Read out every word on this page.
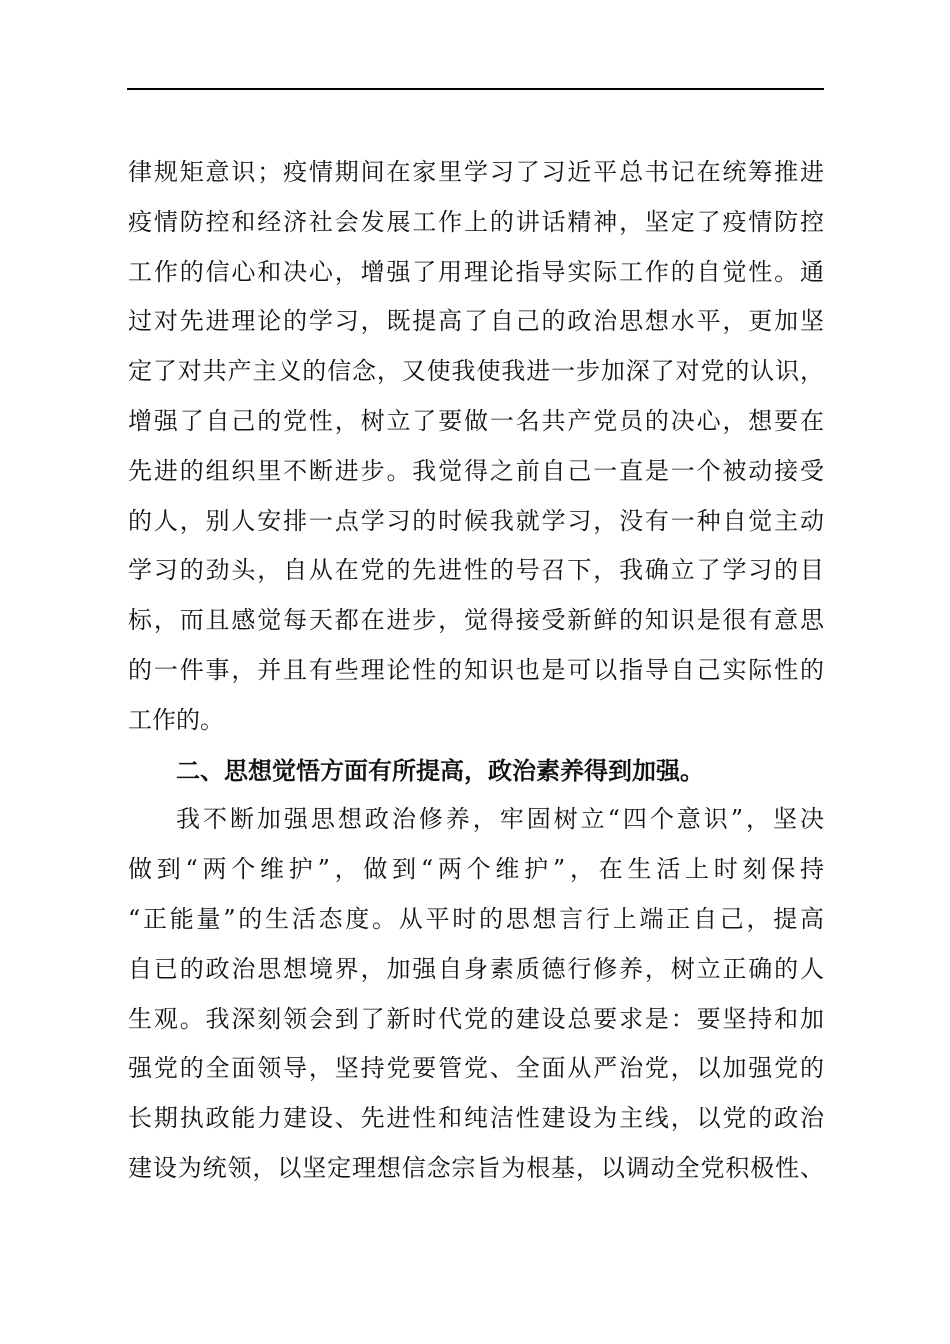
律规矩意识；疫情期间在家里学习了习近平总书记在统筹推进
疫情防控和经济社会发展工作上的讲话精神，坚定了疫情防控
工作的信心和决心，增强了用理论指导实际工作的自觉性。通
过对先进理论的学习，既提高了自己的政治思想水平，更加坚
定了对共产主义的信念，又使我使我进一步加深了对党的认识，
增强了自己的党性，树立了要做一名共产党员的决心，想要在
先进的组织里不断进步。我觉得之前自己一直是一个被动接受
的人，别人安排一点学习的时候我就学习，没有一种自觉主动
学习的劲头，自从在党的先进性的号召下，我确立了学习的目
标，而且感觉每天都在进步，觉得接受新鲜的知识是很有意思
的一件事，并且有些理论性的知识也是可以指导自己实际性的
工作的。
二、思想觉悟方面有所提高，政治素养得到加强。
我不断加强思想政治修养，牢固树立“四个意识”，坚决
做到“两个维护”，做到“两个维护”，在生活上时刻保持
“正能量”的生活态度。从平时的思想言行上端正自己，提高
自已的政治思想境界，加强自身素质德行修养，树立正确的人
生观。我深刻领会到了新时代党的建设总要求是：要坚持和加
强党的全面领导，坚持党要管党、全面从严治党，以加强党的
长期执政能力建设、先进性和纯洁性建设为主线，以党的政治
建设为统领，以坚定理想信念宗旨为根基，以调动全党积极性、
